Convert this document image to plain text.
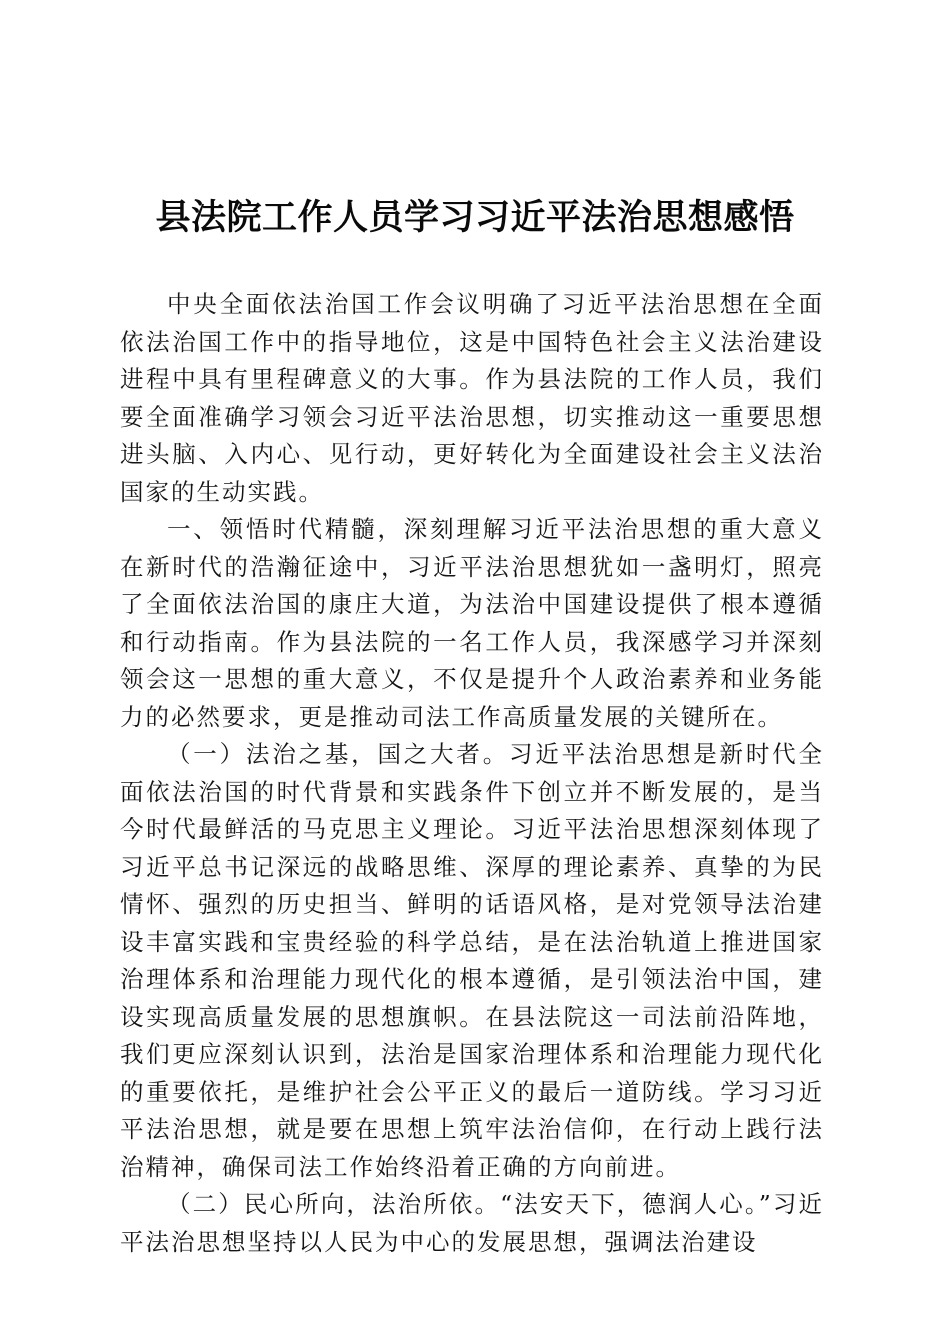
县法院工作人员学习习近平法治思想感悟

中央全面依法治国工作会议明确了习近平法治思想在全面依法治国工作中的指导地位，这是中国特色社会主义法治建设进程中具有里程碑意义的大事。作为县法院的工作人员，我们要全面准确学习领会习近平法治思想，切实推动这一重要思想进头脑、入内心、见行动，更好转化为全面建设社会主义法治国家的生动实践。

一、领悟时代精髓，深刻理解习近平法治思想的重大意义在新时代的浩瀚征途中，习近平法治思想犹如一盏明灯，照亮了全面依法治国的康庄大道，为法治中国建设提供了根本遵循和行动指南。作为县法院的一名工作人员，我深感学习并深刻领会这一思想的重大意义，不仅是提升个人政治素养和业务能力的必然要求，更是推动司法工作高质量发展的关键所在。

（一）法治之基，国之大者。习近平法治思想是新时代全面依法治国的时代背景和实践条件下创立并不断发展的，是当今时代最鲜活的马克思主义理论。习近平法治思想深刻体现了习近平总书记深远的战略思维、深厚的理论素养、真挚的为民情怀、强烈的历史担当、鲜明的话语风格，是对党领导法治建设丰富实践和宝贵经验的科学总结，是在法治轨道上推进国家治理体系和治理能力现代化的根本遵循，是引领法治中国，建设实现高质量发展的思想旗帜。在县法院这一司法前沿阵地，我们更应深刻认识到，法治是国家治理体系和治理能力现代化的重要依托，是维护社会公平正义的最后一道防线。学习习近平法治思想，就是要在思想上筑牢法治信仰，在行动上践行法治精神，确保司法工作始终沿着正确的方向前进。

（二）民心所向，法治所依。“法安天下，德润人心。”习近平法治思想坚持以人民为中心的发展思想，强调法治建设
